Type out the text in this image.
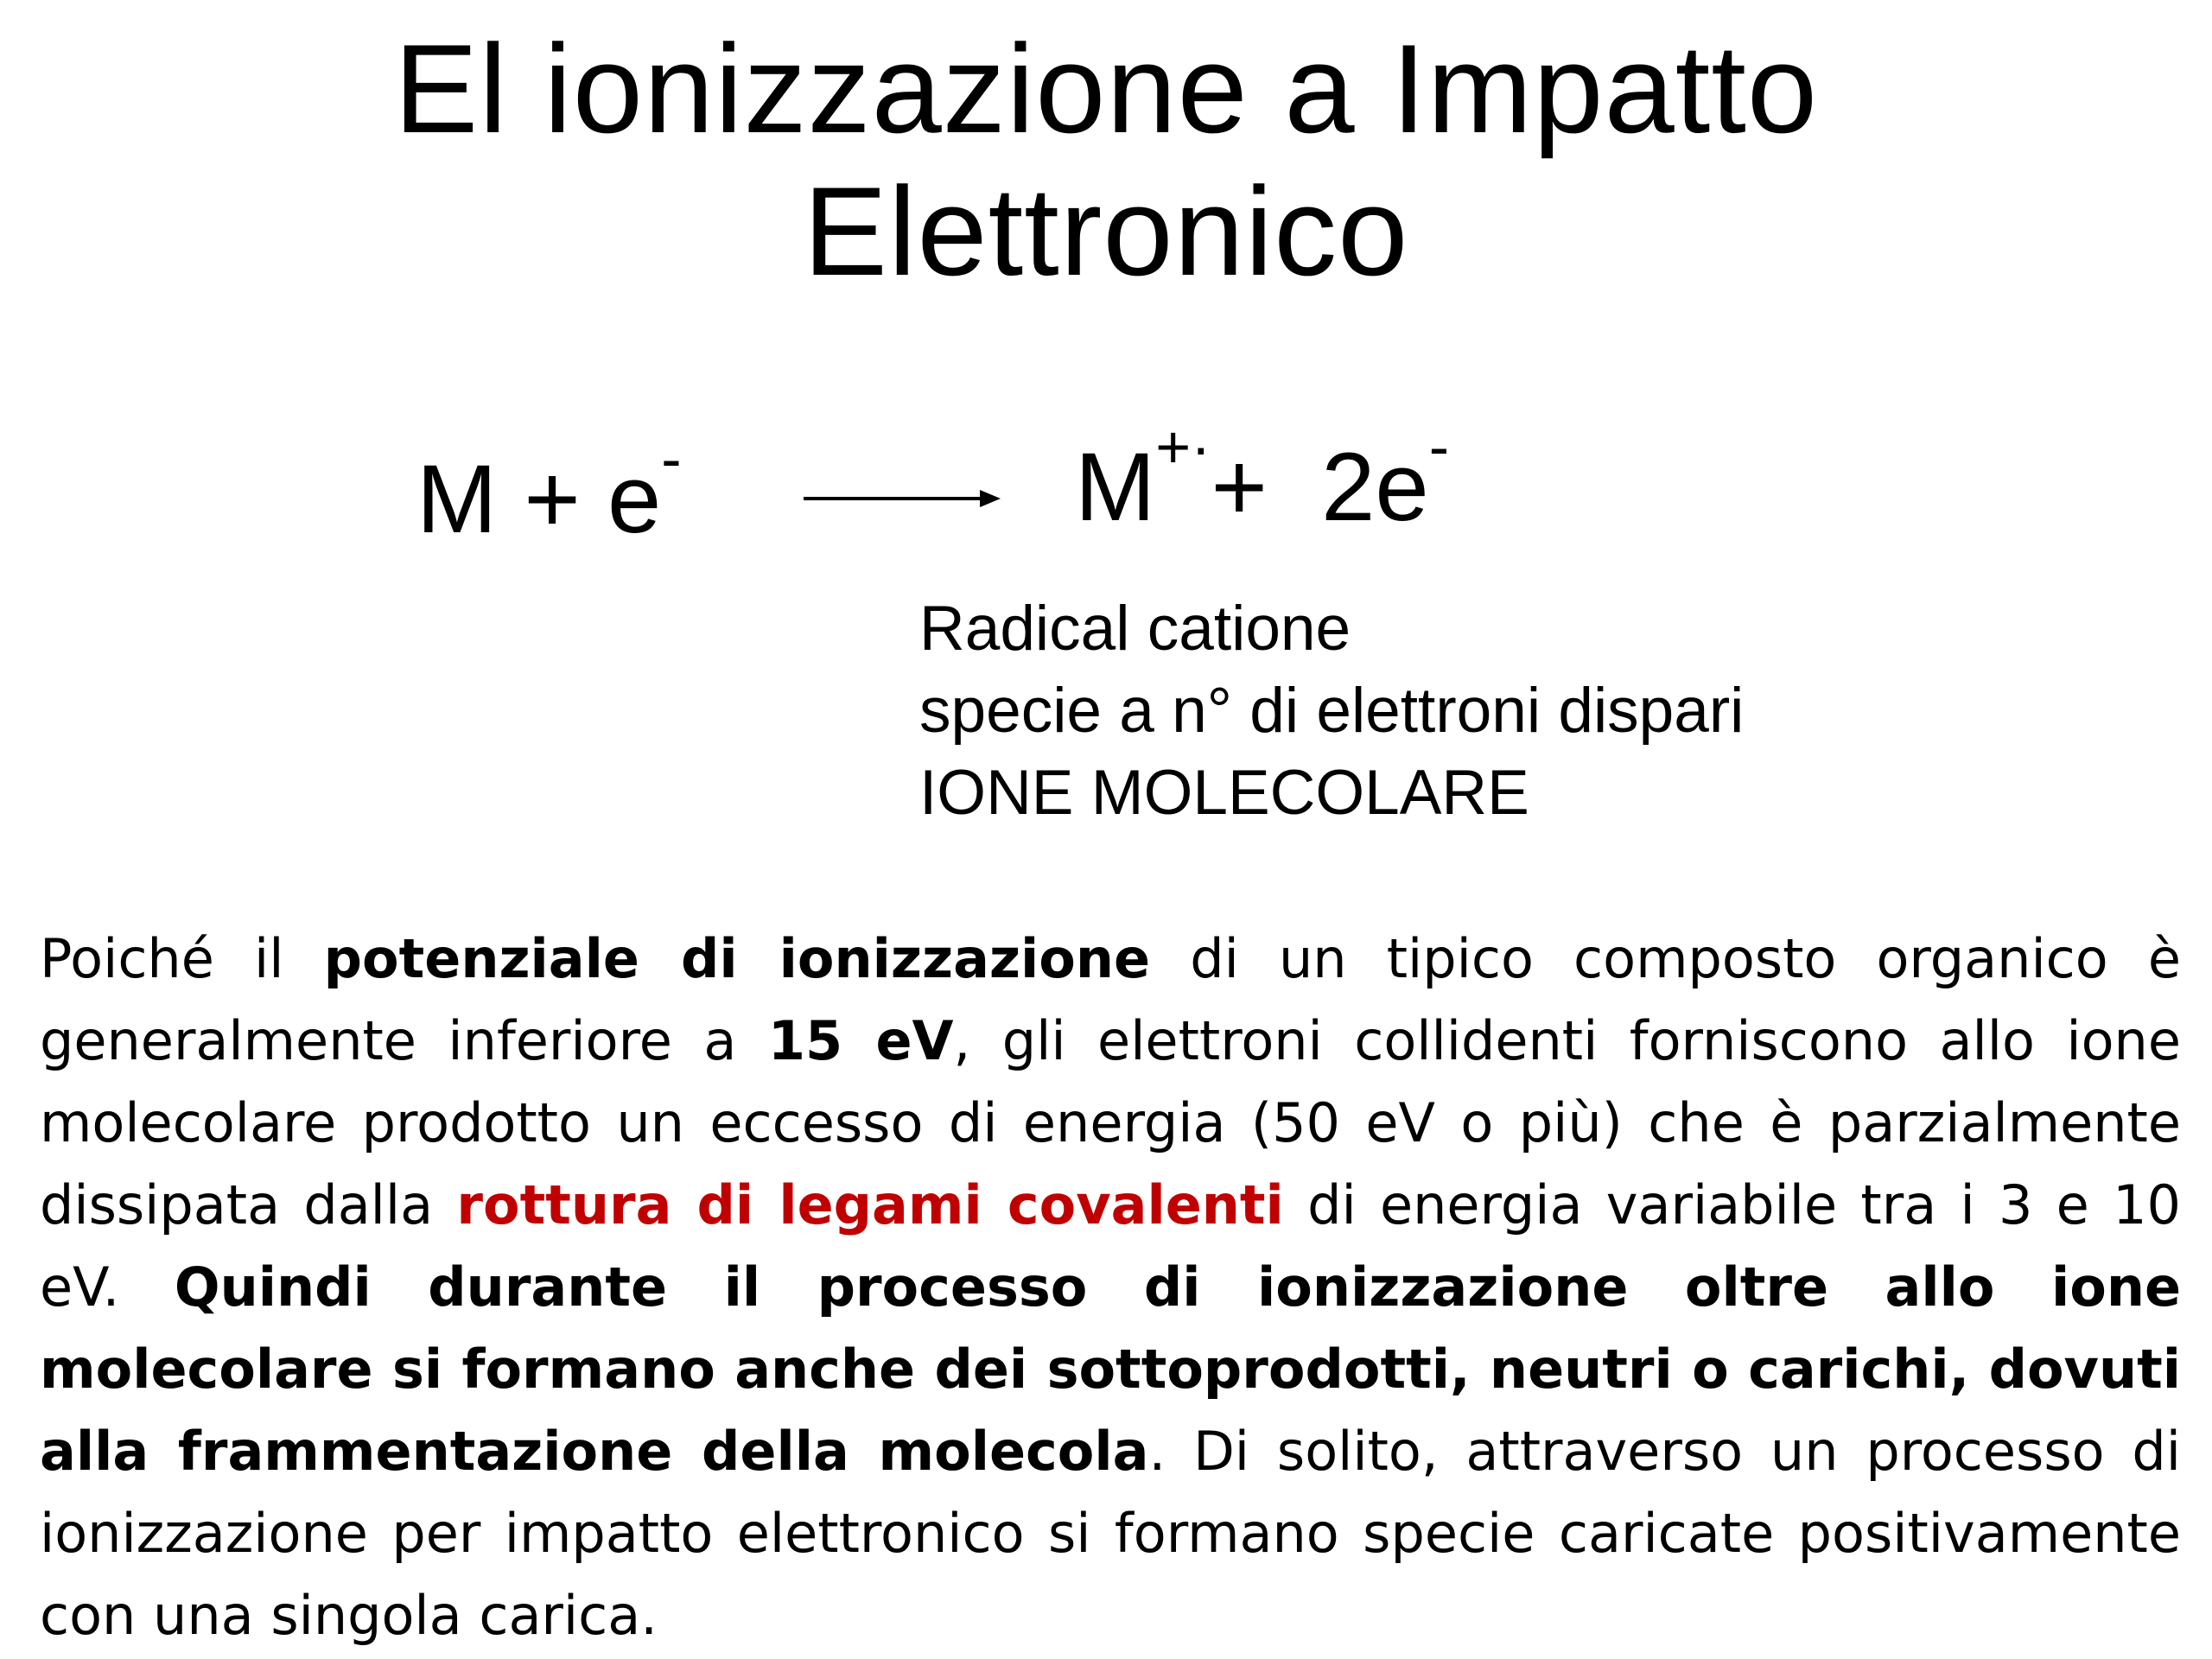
El ionizzazione a Impatto
Elettronico
M + e-	M+·+ 2e-
Radical catione
specie a n° di elettroni dispari
IONE MOLECOLARE
Poiché il potenziale di ionizzazione di un tipico composto organico è generalmente inferiore a 15 eV, gli elettroni collidenti forniscono allo ione molecolare prodotto un eccesso di energia (50 eV o più) che è parzialmente dissipata dalla rottura di legami covalenti di energia variabile tra i 3 e 10 eV. Quindi durante il processo di ionizzazione oltre allo ione molecolare si formano anche dei sottoprodotti, neutri o carichi, dovuti alla frammentazione della molecola. Di solito, attraverso un processo di ionizzazione per impatto elettronico si formano specie caricate positivamente con una singola carica.
